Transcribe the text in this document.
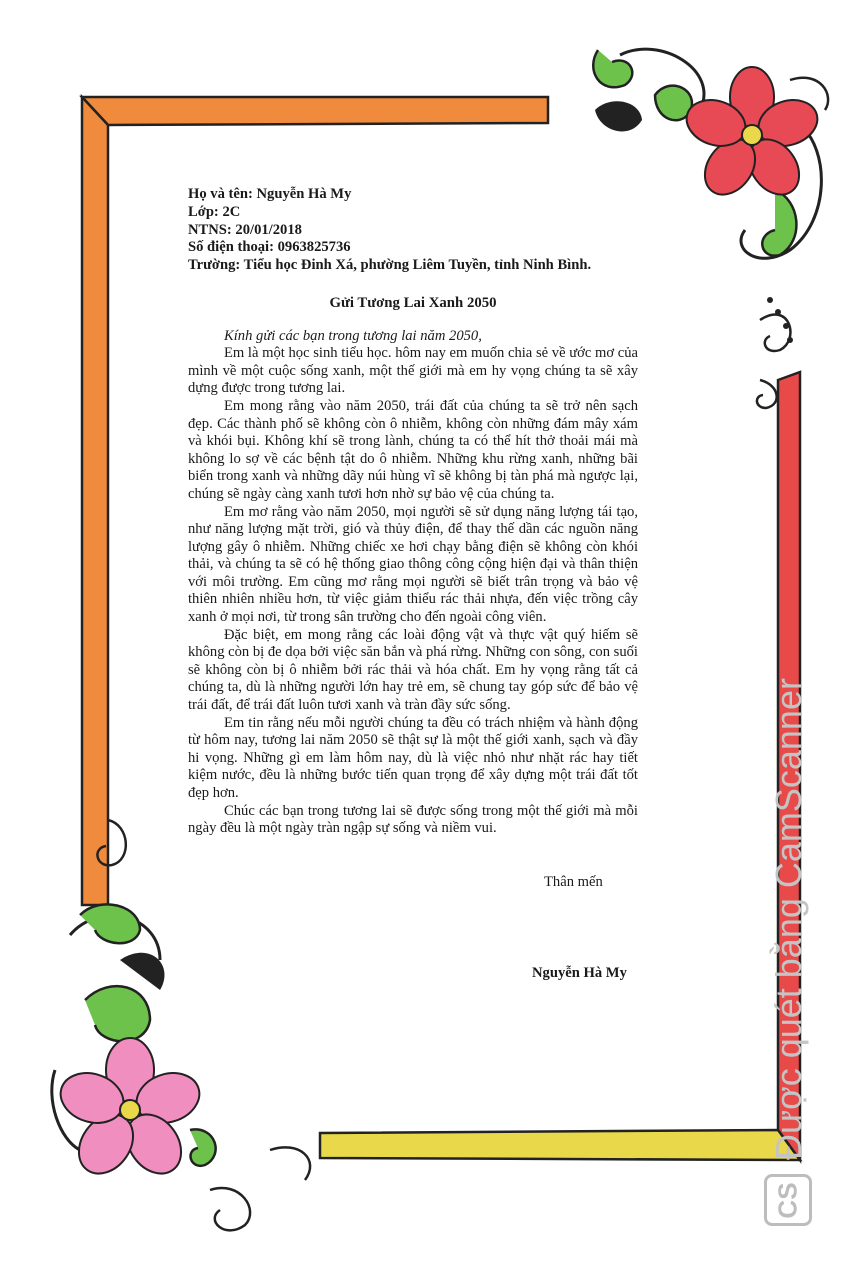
Họ và tên: Nguyễn Hà My

Lớp: 2C

NTNS: 20/01/2018

Số điện thoại: 0963825736

Trường: Tiểu học Đinh Xá, phường Liêm Tuyền, tỉnh Ninh Bình.

Gửi Tương Lai Xanh 2050

Kính gửi các bạn trong tương lai năm 2050,

Em là một học sinh tiểu học. hôm nay em muốn chia sẻ về ước mơ của mình về một cuộc sống xanh, một thế giới mà em hy vọng chúng ta sẽ xây dựng được trong tương lai.

Em mong rằng vào năm 2050, trái đất của chúng ta sẽ trở nên sạch đẹp. Các thành phố sẽ không còn ô nhiễm, không còn những đám mây xám và khói bụi. Không khí sẽ trong lành, chúng ta có thể hít thở thoải mái mà không lo sợ về các bệnh tật do ô nhiễm. Những khu rừng xanh, những bãi biển trong xanh và những dãy núi hùng vĩ sẽ không bị tàn phá mà ngược lại, chúng sẽ ngày càng xanh tươi hơn nhờ sự bảo vệ của chúng ta.

Em mơ rằng vào năm 2050, mọi người sẽ sử dụng năng lượng tái tạo, như năng lượng mặt trời, gió và thủy điện, để thay thế dần các nguồn năng lượng gây ô nhiễm. Những chiếc xe hơi chạy bằng điện sẽ không còn khói thải, và chúng ta sẽ có hệ thống giao thông công cộng hiện đại và thân thiện với môi trường. Em cũng mơ rằng mọi người sẽ biết trân trọng và bảo vệ thiên nhiên nhiều hơn, từ việc giảm thiểu rác thải nhựa, đến việc trồng cây xanh ở mọi nơi, từ trong sân trường cho đến ngoài công viên.

Đặc biệt, em mong rằng các loài động vật và thực vật quý hiếm sẽ không còn bị đe dọa bởi việc săn bắn và phá rừng. Những con sông, con suối sẽ không còn bị ô nhiễm bởi rác thải và hóa chất. Em hy vọng rằng tất cả chúng ta, dù là những người lớn hay trẻ em, sẽ chung tay góp sức để bảo vệ trái đất, để trái đất luôn tươi xanh và tràn đầy sức sống.

Em tin rằng nếu mỗi người chúng ta đều có trách nhiệm và hành động từ hôm nay, tương lai năm 2050 sẽ thật sự là một thế giới xanh, sạch và đầy hi vọng. Những gì em làm hôm nay, dù là việc nhỏ như nhặt rác hay tiết kiệm nước, đều là những bước tiến quan trọng để xây dựng một trái đất tốt đẹp hơn.

Chúc các bạn trong tương lai sẽ được sống trong một thế giới mà mỗi ngày đều là một ngày tràn ngập sự sống và niềm vui.

Thân mến
Nguyễn Hà My	Được quét bằng CamScanner
CS
